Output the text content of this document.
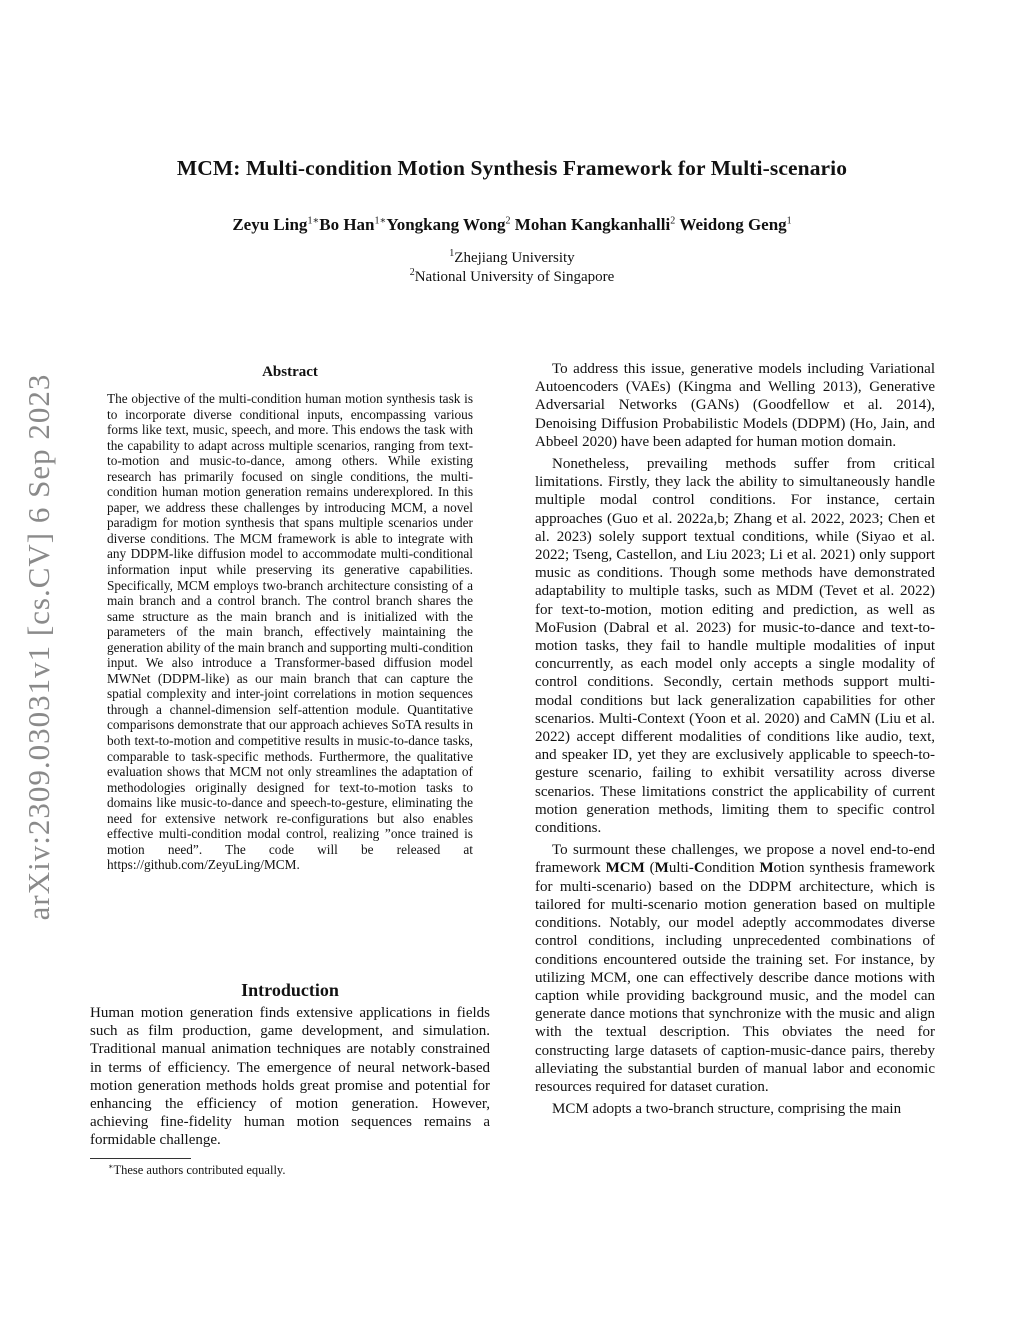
MCM: Multi-condition Motion Synthesis Framework for Multi-scenario
Zeyu Ling$^{1∗}$Bo Han$^{1∗}$Yongkang Wong$^2$ Mohan Kangkanhalli$^2$ Weidong Geng$^1$
$^1$Zhejiang University
$^2$National University of Singapore
arXiv:2309.03031v1 [cs.CV] 6 Sep 2023
Abstract
The objective of the multi-condition human motion synthesis task is to incorporate diverse conditional inputs, encompassing various forms like text, music, speech, and more. This endows the task with the capability to adapt across multiple scenarios, ranging from text-to-motion and music-to-dance, among others. While existing research has primarily focused on single conditions, the multi-condition human motion generation remains underexplored. In this paper, we address these challenges by introducing MCM, a novel paradigm for motion synthesis that spans multiple scenarios under diverse conditions. The MCM framework is able to integrate with any DDPM-like diffusion model to accommodate multi-conditional information input while preserving its generative capabilities. Specifically, MCM employs two-branch architecture consisting of a main branch and a control branch. The control branch shares the same structure as the main branch and is initialized with the parameters of the main branch, effectively maintaining the generation ability of the main branch and supporting multi-condition input. We also introduce a Transformer-based diffusion model MWNet (DDPM-like) as our main branch that can capture the spatial complexity and inter-joint correlations in motion sequences through a channel-dimension self-attention module. Quantitative comparisons demonstrate that our approach achieves SoTA results in both text-to-motion and competitive results in music-to-dance tasks, comparable to task-specific methods. Furthermore, the qualitative evaluation shows that MCM not only streamlines the adaptation of methodologies originally designed for text-to-motion tasks to domains like music-to-dance and speech-to-gesture, eliminating the need for extensive network re-configurations but also enables effective multi-condition modal control, realizing ”once trained is motion need”. The code will be released at https://github.com/ZeyuLing/MCM.
Introduction
Human motion generation finds extensive applications in fields such as film production, game development, and simulation. Traditional manual animation techniques are notably constrained in terms of efficiency. The emergence of neural network-based motion generation methods holds great promise and potential for enhancing the efficiency of motion generation. However, achieving fine-fidelity human motion sequences remains a formidable challenge.
∗These authors contributed equally.

To address this issue, generative models including Variational Autoencoders (VAEs) (Kingma and Welling 2013), Generative Adversarial Networks (GANs) (Goodfellow et al. 2014), Denoising Diffusion Probabilistic Models (DDPM) (Ho, Jain, and Abbeel 2020) have been adapted for human motion domain.

Nonetheless, prevailing methods suffer from critical limitations. Firstly, they lack the ability to simultaneously handle multiple modal control conditions. For instance, certain approaches (Guo et al. 2022a,b; Zhang et al. 2022, 2023; Chen et al. 2023) solely support textual conditions, while (Siyao et al. 2022; Tseng, Castellon, and Liu 2023; Li et al. 2021) only support music as conditions. Though some methods have demonstrated adaptability to multiple tasks, such as MDM (Tevet et al. 2022) for text-to-motion, motion editing and prediction, as well as MoFusion (Dabral et al. 2023) for music-to-dance and text-to-motion tasks, they fail to handle multiple modalities of input concurrently, as each model only accepts a single modality of control conditions. Secondly, certain methods support multi-modal conditions but lack generalization capabilities for other scenarios. Multi-Context (Yoon et al. 2020) and CaMN (Liu et al. 2022) accept different modalities of conditions like audio, text, and speaker ID, yet they are exclusively applicable to speech-to-gesture scenario, failing to exhibit versatility across diverse scenarios. These limitations constrict the applicability of current motion generation methods, limiting them to specific control conditions.

To surmount these challenges, we propose a novel end-to-end framework MCM (Multi-Condition Motion synthesis framework for multi-scenario) based on the DDPM architecture, which is tailored for multi-scenario motion generation based on multiple conditions. Notably, our model adeptly accommodates diverse control conditions, including unprecedented combinations of conditions encountered outside the training set. For instance, by utilizing MCM, one can effectively describe dance motions with caption while providing background music, and the model can generate dance motions that synchronize with the music and align with the textual description. This obviates the need for constructing large datasets of caption-music-dance pairs, thereby alleviating the substantial burden of manual labor and economic resources required for dataset curation.

MCM adopts a two-branch structure, comprising the main
